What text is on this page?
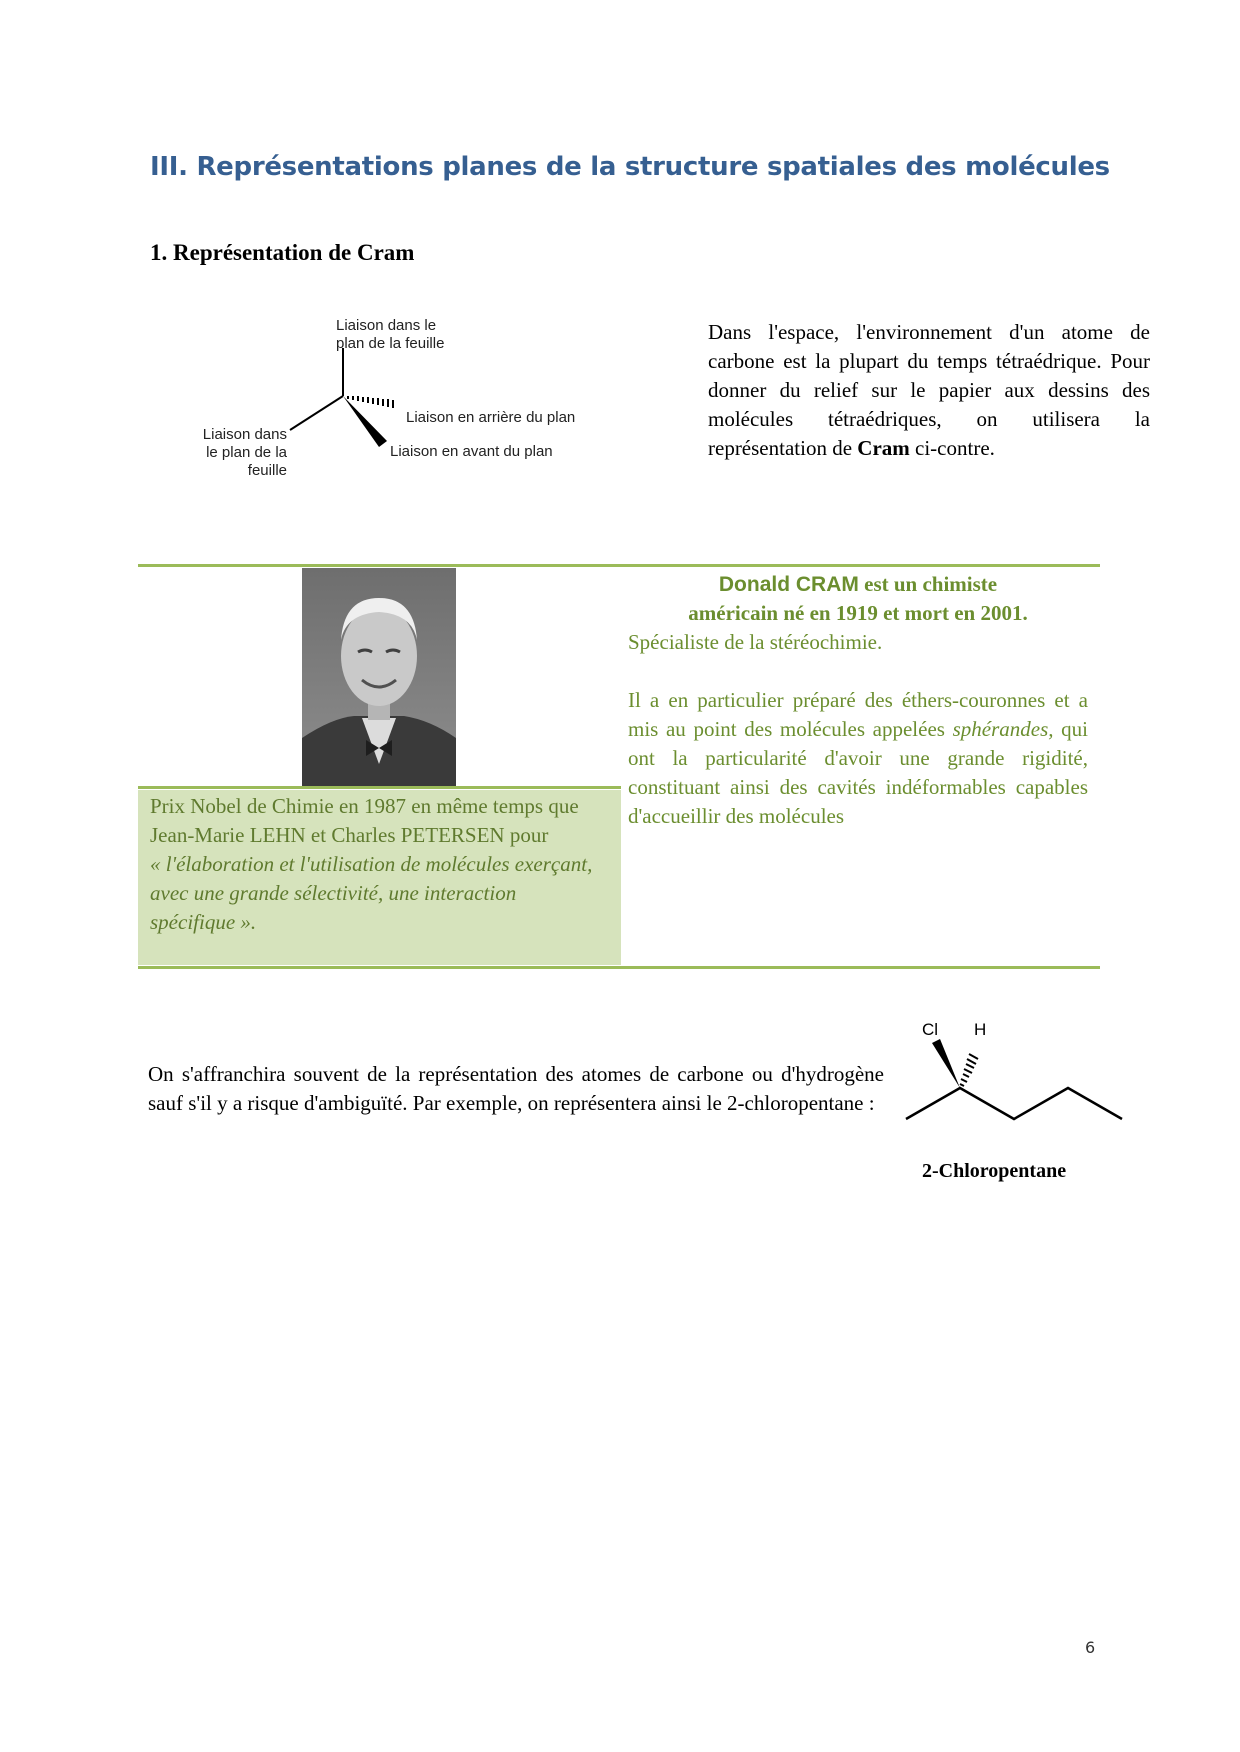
III. Représentations planes de la structure spatiales des molécules
1. Représentation de Cram
Liaison dans le
plan de la feuille
Liaison dans
le plan de la
feuille
Liaison en arrière du plan
Liaison en avant du plan
Dans l'espace, l'environnement d'un atome de carbone est la plupart du temps tétraédrique. Pour donner du relief sur le papier aux dessins des molécules tétraédriques, on utilisera la représentation de Cram ci-contre.
Prix Nobel de Chimie en 1987 en même temps que Jean-Marie LEHN et Charles PETERSEN pour
« l'élaboration et l'utilisation de molécules exerçant, avec une grande sélectivité, une interaction spécifique ».
Donald CRAM est un chimiste
américain né en 1919 et mort en 2001.
Spécialiste de la stéréochimie.
Il a en particulier préparé des éthers-couronnes et a mis au point des molécules appelées sphérandes, qui ont la particularité d'avoir une grande rigidité, constituant ainsi des cavités indéformables capables d'accueillir des molécules
On s'affranchira souvent de la représentation des atomes de carbone ou d'hydrogène sauf s'il y a risque d'ambiguïté. Par exemple, on représentera ainsi le 2-chloropentane :
Cl H
2-Chloropentane
6
